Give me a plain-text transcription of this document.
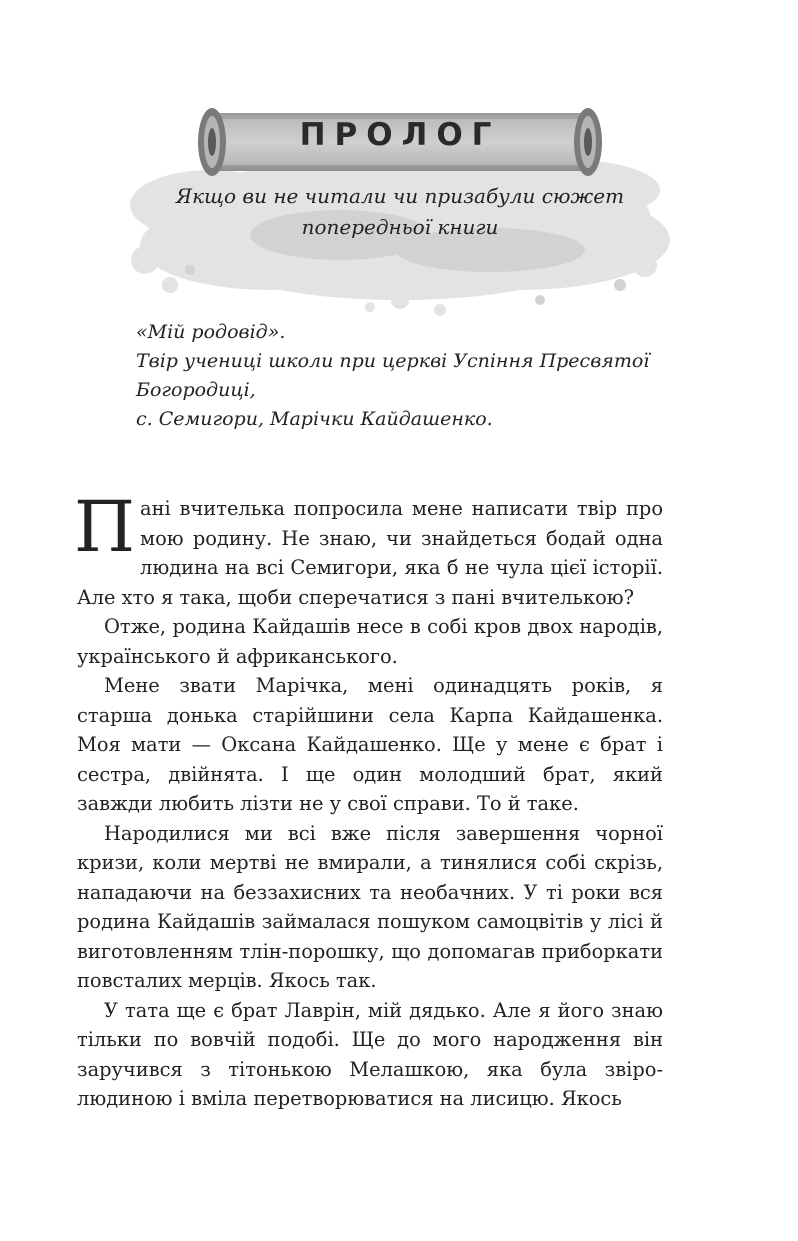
ПРОЛОГ
Якщо ви не читали чи призабули сюжет
попередньої книги
«Мій родовід».
Твір учениці школи при церкві Успіння Пресвятої
Богородиці,
с. Семигори, Марічки Кайдашенко.

Пані вчителька попросила мене написати твір про мою родину. Не знаю, чи знайдеться бодай одна людина на всі Семигори, яка б не чула цієї історії. Але хто я така, щоби сперечатися з пані вчителькою?

Отже, родина Кайдашів несе в собі кров двох народів, українського й африканського.

Мене звати Марічка, мені одинадцять років, я старша донька старійшини села Карпа Кайдашенка. Моя мати — Оксана Кайдашенко. Ще у мене є брат і сестра, двійнята. І ще один молодший брат, який завжди любить лізти не у свої справи. То й таке.

Народилися ми всі вже після завершення чорної кризи, коли мертві не вмирали, а тинялися собі скрізь, нападаючи на беззахисних та необачних. У ті роки вся родина Кайдашів займалася пошуком самоцвітів у лісі й виготовленням тлін-порошку, що допомагав приборкати повсталих мерців. Якось так.

У тата ще є брат Лаврін, мій дядько. Але я його знаю тільки по вовчій подобі. Ще до мого народження він заручився з тітонькою Мелашкою, яка була звіро-людиною і вміла перетворюватися на лисицю. Якось
